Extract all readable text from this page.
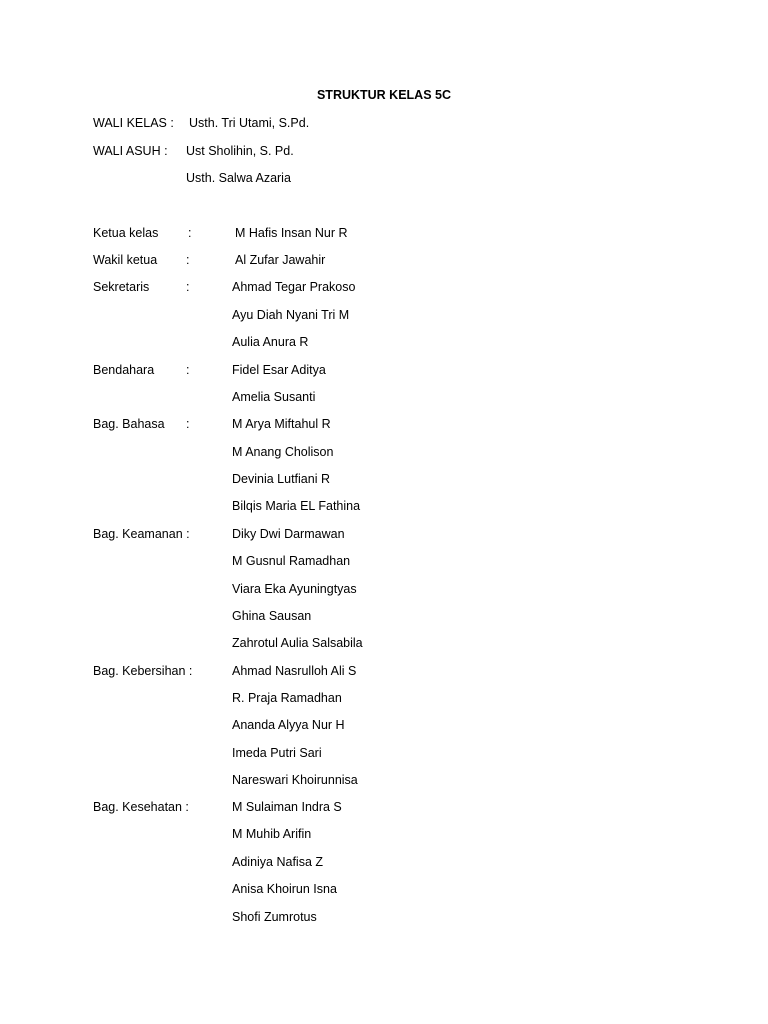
STRUKTUR KELAS 5C
WALI KELAS : Usth. Tri Utami, S.Pd.
WALI ASUH : Ust Sholihin, S. Pd.
Usth. Salwa Azaria
Ketua kelas :	M Hafis Insan Nur R
Wakil ketua :	Al Zufar Jawahir
Sekretaris	:	Ahmad Tegar Prakoso
Ayu Diah Nyani Tri M
Aulia Anura R
Bendahara	:	Fidel Esar Aditya
Amelia Susanti
Bag. Bahasa :	M Arya Miftahul R
M Anang Cholison
Devinia Lutfiani R
Bilqis Maria EL Fathina
Bag. Keamanan :	Diky Dwi Darmawan
M Gusnul Ramadhan
Viara Eka Ayuningtyas
Ghina Sausan
Zahrotul Aulia Salsabila
Bag. Kebersihan :	Ahmad Nasrulloh Ali S
R. Praja Ramadhan
Ananda Alyya Nur H
Imeda Putri Sari
Nareswari Khoirunnisa
Bag. Kesehatan :	M Sulaiman Indra S
M Muhib Arifin
Adiniya Nafisa Z
Anisa Khoirun Isna
Shofi Zumrotus
